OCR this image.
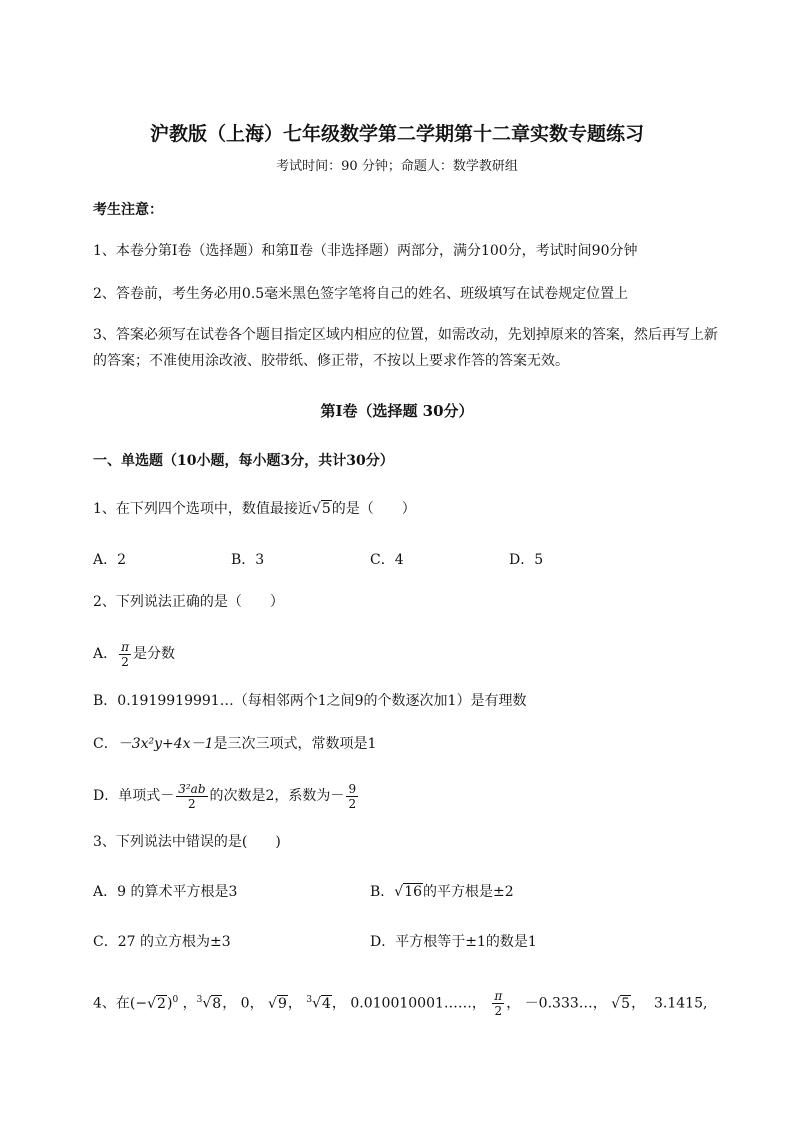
沪教版（上海）七年级数学第二学期第十二章实数专题练习
考试时间：90 分钟；命题人：数学教研组
考生注意：
1、本卷分第I卷（选择题）和第Ⅱ卷（非选择题）两部分，满分100分，考试时间90分钟
2、答卷前，考生务必用0.5毫米黑色签字笔将自己的姓名、班级填写在试卷规定位置上
3、答案必须写在试卷各个题目指定区域内相应的位置，如需改动，先划掉原来的答案，然后再写上新
的答案；不准使用涂改液、胶带纸、修正带，不按以上要求作答的答案无效。
第I卷（选择题 30分）
一、单选题（10小题，每小题3分，共计30分）
1、在下列四个选项中，数值最接近√5的是（　　）
A．2	B．3	C．4	D．5
2、下列说法正确的是（　　）
A． $\frac{\pi}{2}$ 是分数
B．0.1919919991…（每相邻两个1之间9的个数逐次加1）是有理数
C．－3x²y+4x－1是三次三项式，常数项是1
D．单项式－ $\frac{\text{3²ab}}{2}$ 的次数是2，系数为－ $\frac{9}{2}$
3、下列说法中错误的是(　　)
A．9 的算术平方根是3	B．√16的平方根是±2
C．27 的立方根为±3	D．平方根等于±1的数是1
4、在$(-√2)^0$ ，$^3$√8， 0， √9， $^3$√4， 0.010010001……， $\frac{\pi}{2}$ ， －0.333…， √5，  3.1415,
